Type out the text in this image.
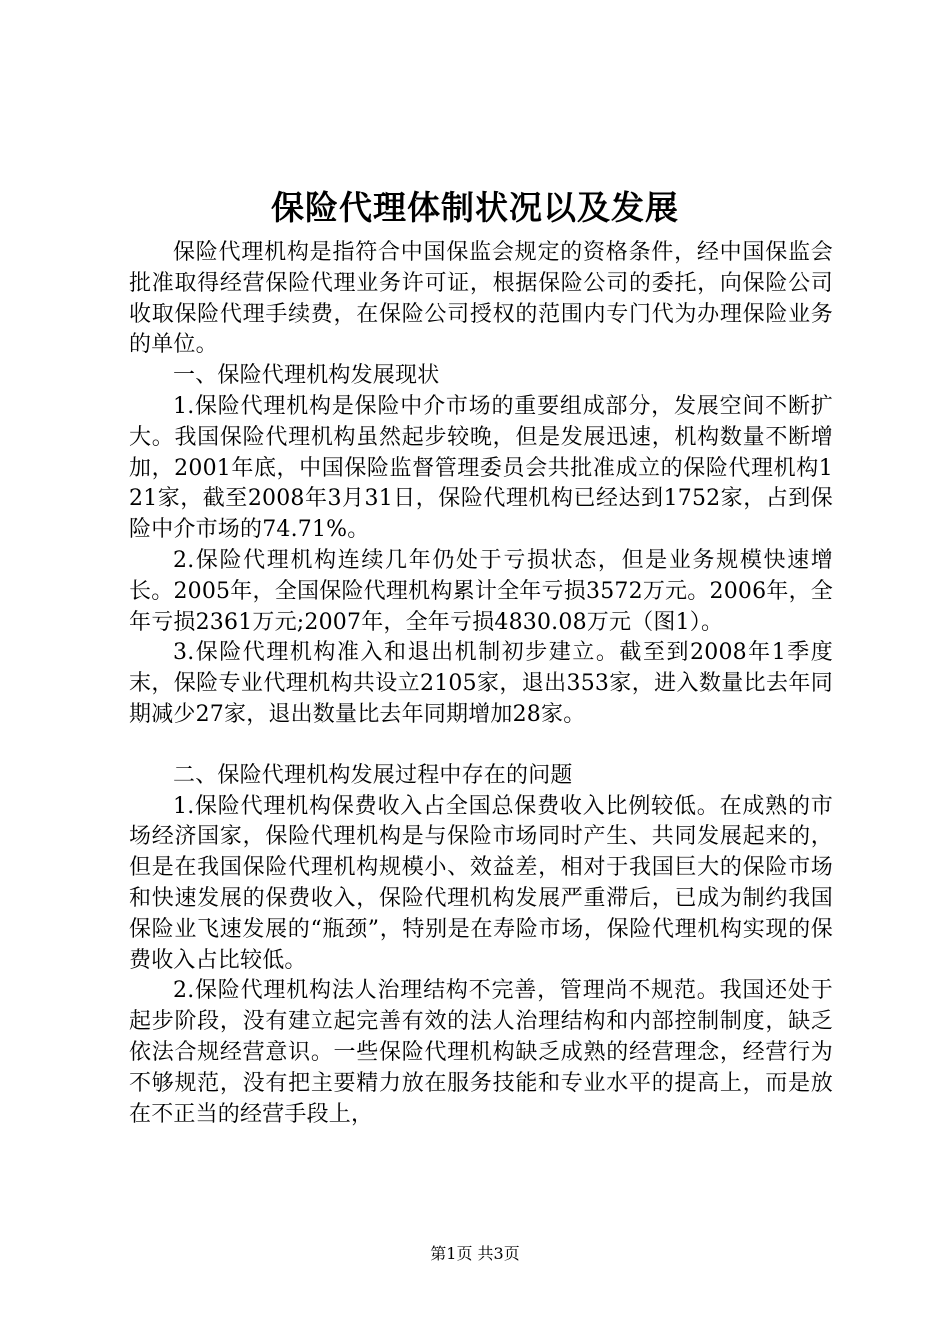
保险代理体制状况以及发展

保险代理机构是指符合中国保监会规定的资格条件，经中国保监会批准取得经营保险代理业务许可证，根据保险公司的委托，向保险公司收取保险代理手续费，在保险公司授权的范围内专门代为办理保险业务的单位。

一、保险代理机构发展现状

1.保险代理机构是保险中介市场的重要组成部分，发展空间不断扩大。我国保险代理机构虽然起步较晚，但是发展迅速，机构数量不断增加，2001年底，中国保险监督管理委员会共批准成立的保险代理机构121家，截至2008年3月31日，保险代理机构已经达到1752家，占到保险中介市场的74.71%。

2.保险代理机构连续几年仍处于亏损状态，但是业务规模快速增长。2005年，全国保险代理机构累计全年亏损3572万元。2006年，全年亏损2361万元;2007年，全年亏损4830.08万元（图1）。

3.保险代理机构准入和退出机制初步建立。截至到2008年1季度末，保险专业代理机构共设立2105家，退出353家，进入数量比去年同期减少27家，退出数量比去年同期增加28家。

二、保险代理机构发展过程中存在的问题

1.保险代理机构保费收入占全国总保费收入比例较低。在成熟的市场经济国家，保险代理机构是与保险市场同时产生、共同发展起来的，但是在我国保险代理机构规模小、效益差，相对于我国巨大的保险市场和快速发展的保费收入，保险代理机构发展严重滞后，已成为制约我国保险业飞速发展的“瓶颈”，特别是在寿险市场，保险代理机构实现的保费收入占比较低。

2.保险代理机构法人治理结构不完善，管理尚不规范。我国还处于起步阶段，没有建立起完善有效的法人治理结构和内部控制制度，缺乏依法合规经营意识。一些保险代理机构缺乏成熟的经营理念，经营行为不够规范，没有把主要精力放在服务技能和专业水平的提高上，而是放在不正当的经营手段上，

第1页 共3页
